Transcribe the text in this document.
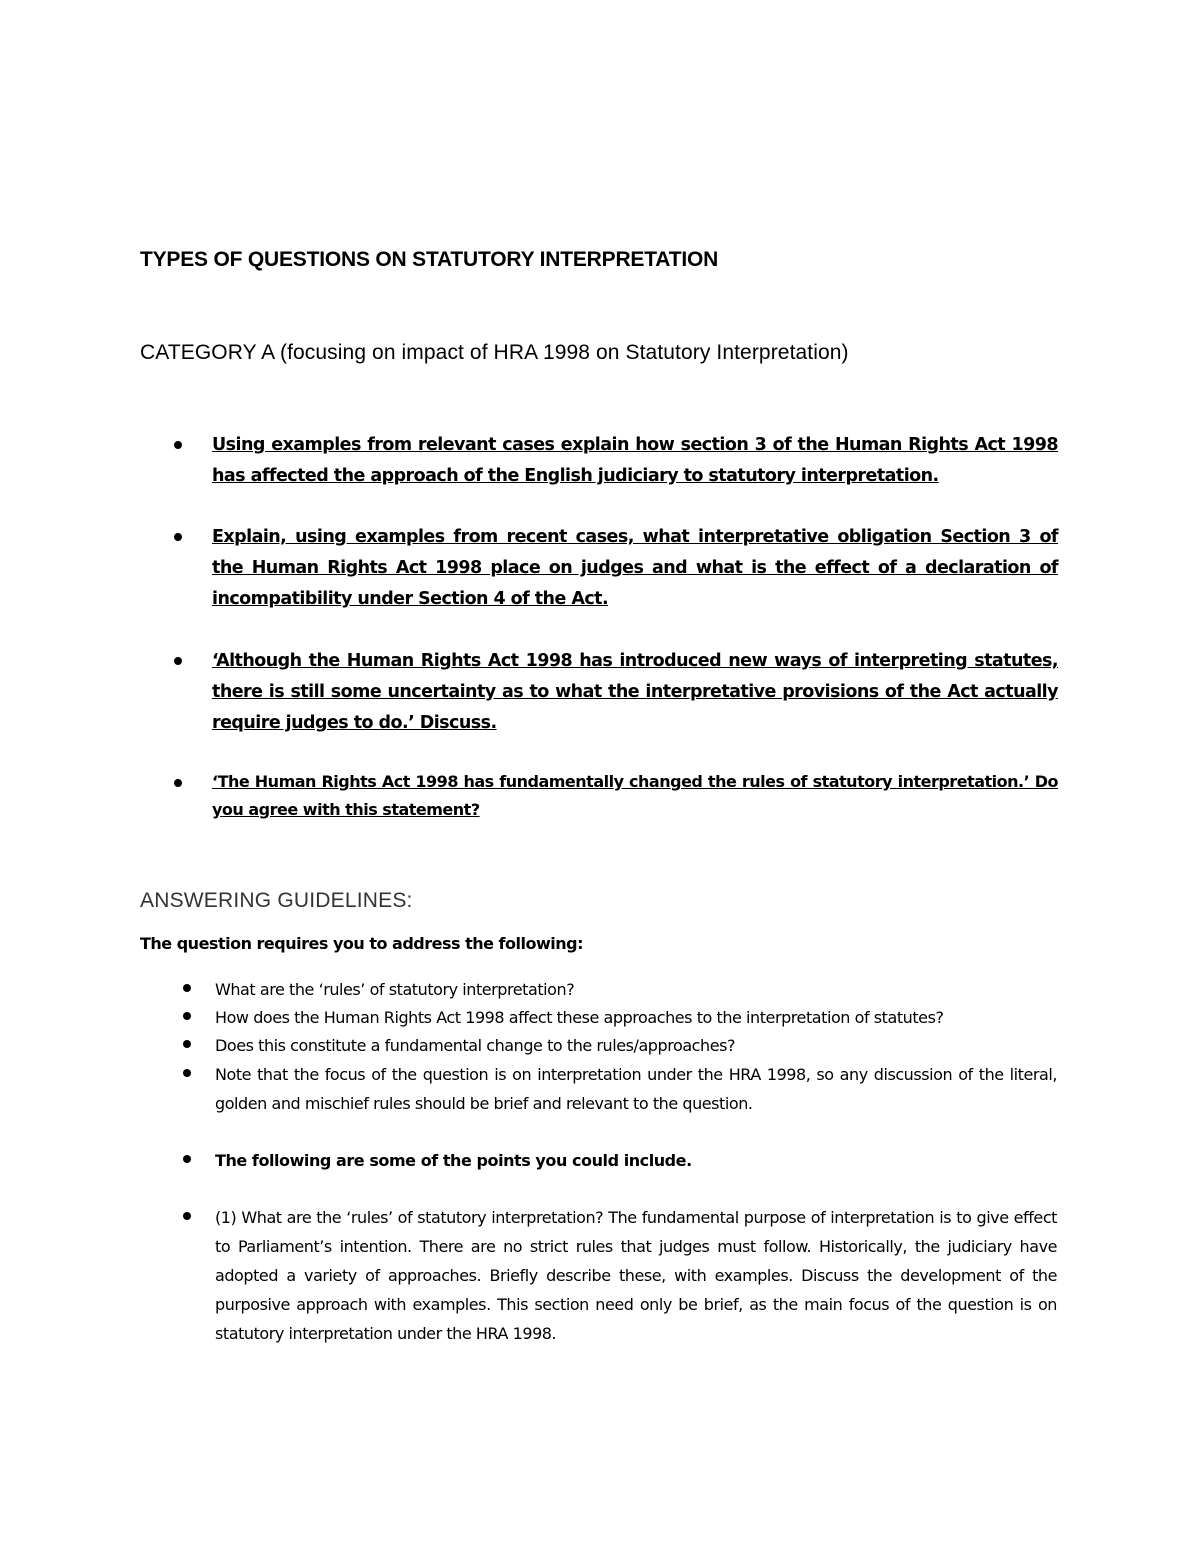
TYPES OF QUESTIONS ON STATUTORY INTERPRETATION
CATEGORY A (focusing on impact of HRA 1998 on Statutory Interpretation)
Using examples from relevant cases explain how section 3 of the Human Rights Act 1998 has affected the approach of the English judiciary to statutory interpretation.
Explain, using examples from recent cases, what interpretative obligation Section 3 of the Human Rights Act 1998 place on judges and what is the effect of a declaration of incompatibility under Section 4 of the Act.
‘Although the Human Rights Act 1998 has introduced new ways of interpreting statutes, there is still some uncertainty as to what the interpretative provisions of the Act actually require judges to do.’ Discuss.
‘The Human Rights Act 1998 has fundamentally changed the rules of statutory interpretation.’ Do you agree with this statement?
ANSWERING GUIDELINES:
The question requires you to address the following:
What are the ‘rules’ of statutory interpretation?
How does the Human Rights Act 1998 affect these approaches to the interpretation of statutes?
Does this constitute a fundamental change to the rules/approaches?
Note that the focus of the question is on interpretation under the HRA 1998, so any discussion of the literal, golden and mischief rules should be brief and relevant to the question.
The following are some of the points you could include.
(1) What are the ‘rules’ of statutory interpretation? The fundamental purpose of interpretation is to give effect to Parliament’s intention. There are no strict rules that judges must follow. Historically, the judiciary have adopted a variety of approaches. Briefly describe these, with examples. Discuss the development of the purposive approach with examples. This section need only be brief, as the main focus of the question is on statutory interpretation under the HRA 1998.
